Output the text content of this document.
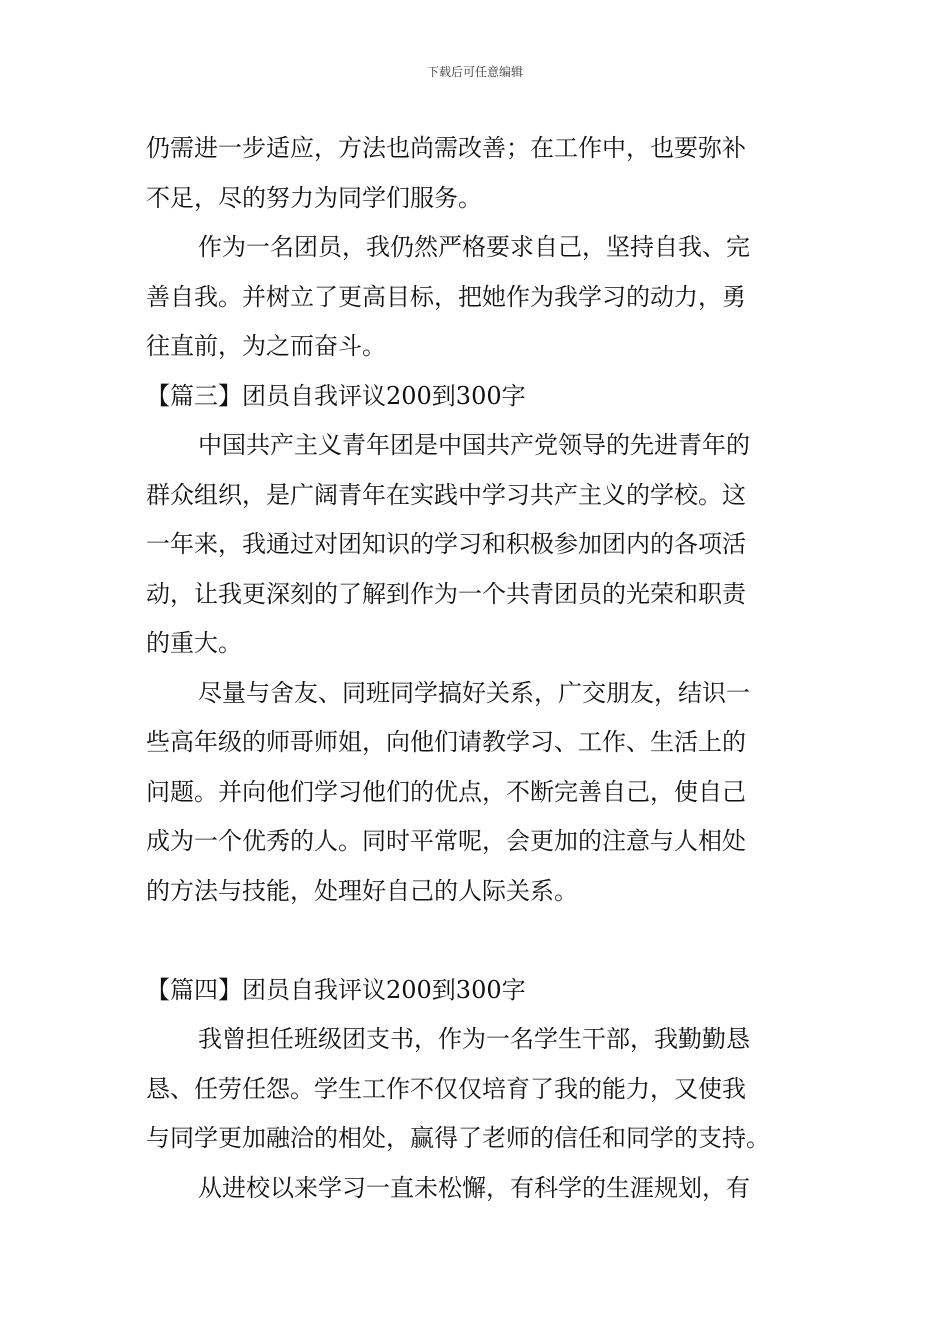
下载后可任意编辑
仍需进一步适应，方法也尚需改善；在工作中，也要弥补
不足，尽的努力为同学们服务。
作为一名团员，我仍然严格要求自己，坚持自我、完
善自我。并树立了更高目标，把她作为我学习的动力，勇
往直前，为之而奋斗。
【篇三】团员自我评议200到300字
中国共产主义青年团是中国共产党领导的先进青年的
群众组织，是广阔青年在实践中学习共产主义的学校。这
一年来，我通过对团知识的学习和积极参加团内的各项活
动，让我更深刻的了解到作为一个共青团员的光荣和职责
的重大。
尽量与舍友、同班同学搞好关系，广交朋友，结识一
些高年级的师哥师姐，向他们请教学习、工作、生活上的
问题。并向他们学习他们的优点，不断完善自己，使自己
成为一个优秀的人。同时平常呢，会更加的注意与人相处
的方法与技能，处理好自己的人际关系。
【篇四】团员自我评议200到300字
我曾担任班级团支书，作为一名学生干部，我勤勤恳
恳、任劳任怨。学生工作不仅仅培育了我的能力，又使我
与同学更加融洽的相处，赢得了老师的信任和同学的支持。
从进校以来学习一直未松懈，有科学的生涯规划，有
